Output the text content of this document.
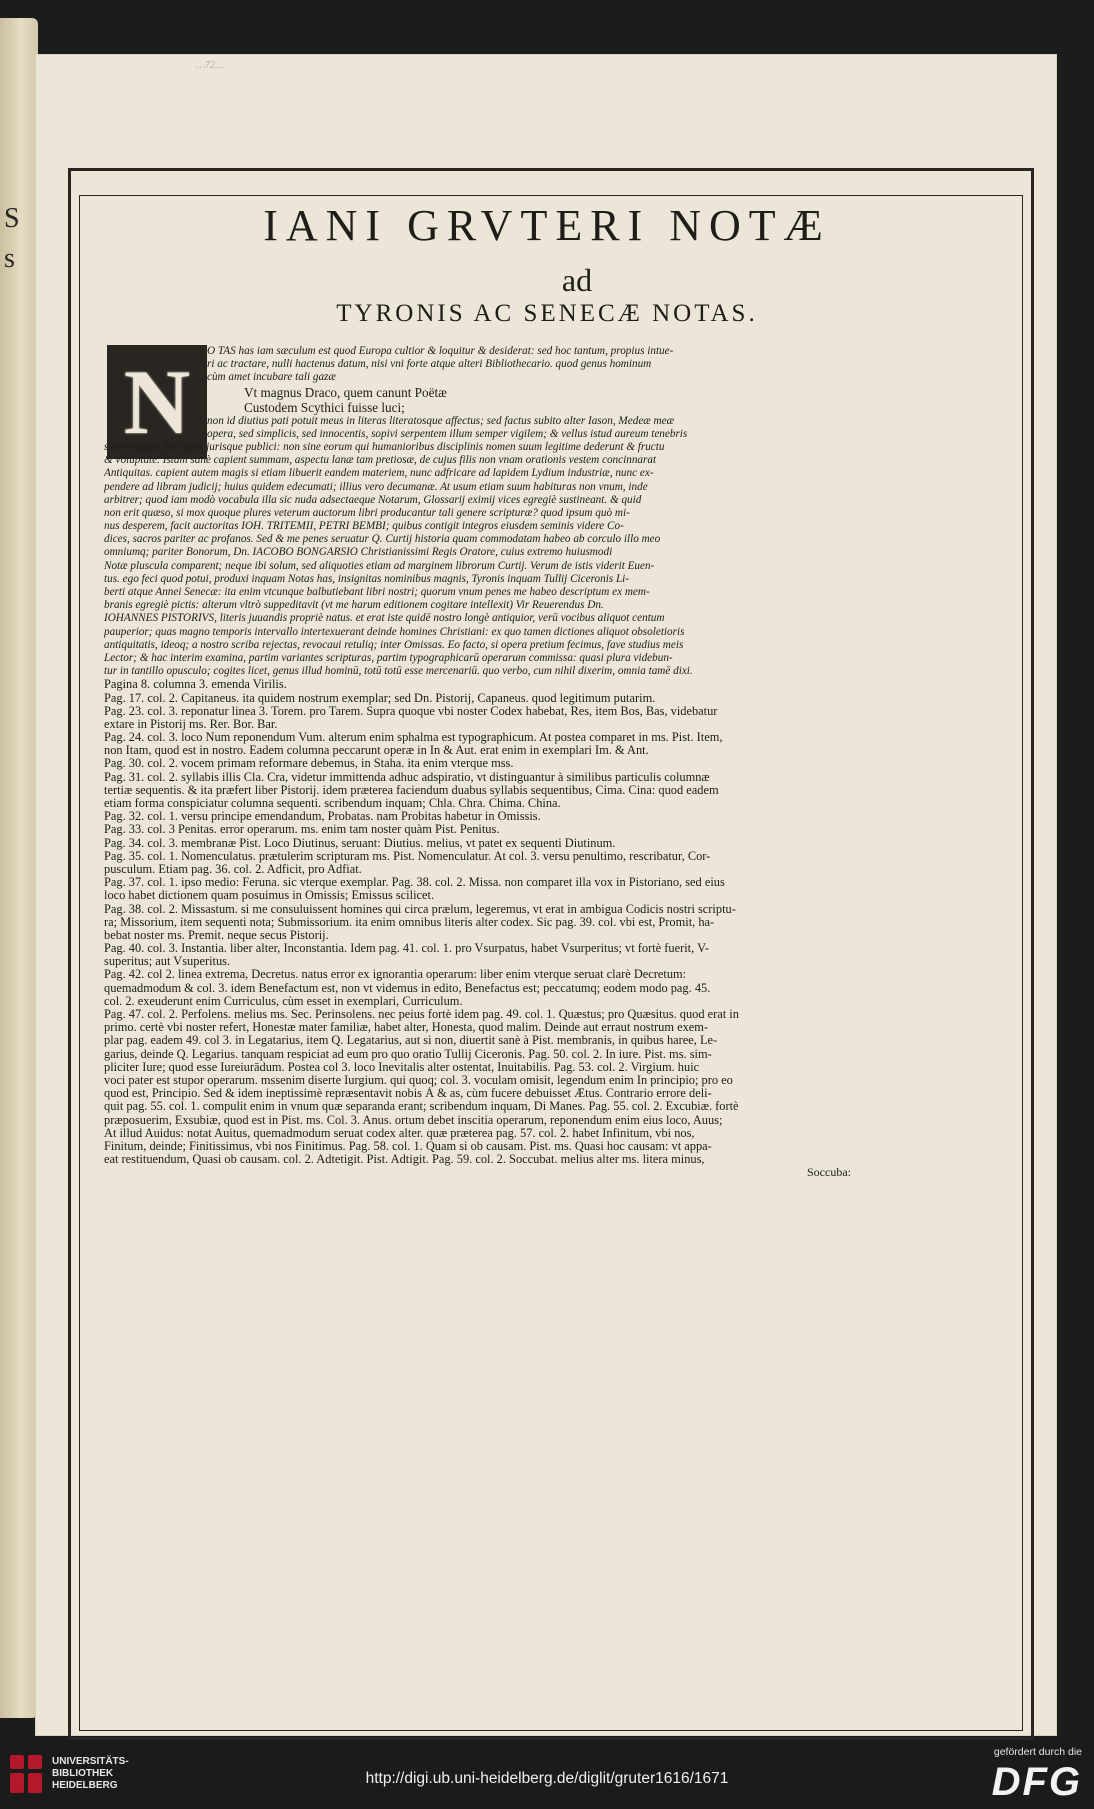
S
s
…72…
IANI GRVTERI NOTÆ
ad
TYRONIS AC SENECÆ NOTAS.
N	O TAS has iam sæculum est quod Europa cultior & loquitur & desiderat: sed hoc tantum, propius intue-
ri ac tractare, nulli hactenus datum, nisi vni forte atque alteri Bibliothecario. quod genus hominum
cùm amet incubare tali gazæ
Vt magnus Draco, quem canunt Poëtæ
Custodem Scythici fuisse luci;
non id diutius pati potuit meus in literas literatosque affectus; sed factus subito alter Iason, Medeæ meæ
opera, sed simplicis, sed innocentis, sopivi serpentem illum semper vigilem; & vellus istud aureum tenebris
suis ereptum feci lucis jurisque publici: non sine eorum qui humanioribus disciplinis nomen suum legitime dederunt & fructu
& voluptate. Istam sanè capient summam, aspectu lanæ tam pretiosæ, de cujus filis non vnam orationis vestem concinnarat
Antiquitas. capient autem magis si etiam libuerit eandem materiem, nunc adfricare ad lapidem Lydium industriæ, nunc ex-
pendere ad libram judicij; huius quidem edecumati; illius vero decumanæ. At usum etiam suum habituras non vnum, inde
arbitrer; quod iam modò vocabula illa sic nuda adsectaeque Notarum, Glossarij eximij vices egregiè sustineant. & quid
non erit quæso, si mox quoque plures veterum auctorum libri producantur tali genere scripturæ? quod ipsum quò mi-
nus desperem, facit auctoritas IOH. TRITEMII, PETRI BEMBI; quibus contigit integros eiusdem seminis videre Co-
dices, sacros pariter ac profanos. Sed & me penes seruatur Q. Curtij historia quam commodatam habeo ab corculo illo meo
omniumq; pariter Bonorum, Dn. IACOBO BONGARSIO Christianissimi Regis Oratore, cuius extremo huiusmodi
Notæ pluscula comparent; neque ibi solum, sed aliquoties etiam ad marginem librorum Curtij. Verum de istis viderit Euen-
tus. ego feci quod potui, produxi inquam Notas has, insignitas nominibus magnis, Tyronis inquam Tullij Ciceronis Li-
berti atque Annei Senecæ: ita enim vtcunque balbutiebant libri nostri; quorum vnum penes me habeo descriptum ex mem-
branis egregiè pictis: alterum vltrò suppeditavit (vt me harum editionem cogitare intellexit) Vir Reuerendus Dn.
IOHANNES PISTORIVS, literis juuandis propriè natus. et erat iste quidē nostro longè antiquior, verū vocibus aliquot centum
pauperior; quas magno temporis intervallo intertexuerant deinde homines Christiani: ex quo tamen dictiones aliquot obsoletioris
antiquitatis, ideoq; a nostro scriba rejectas, revocaui retuliq; inter Omissas. Eo facto, si opera pretium fecimus, fave studius meis
Lector; & hac interim examina, partim variantes scripturas, partim typographicarū operarum commissa: quasi plura videbun-
tur in tantillo opusculo; cogites licet, genus illud hominū, totū totū esse mercenariū. quo verbo, cum nihil dixerim, omnia tamē dixi.
Pagina 8. columna 3. emenda Virilis.
Pag. 17. col. 2. Capitaneus. ita quidem nostrum exemplar; sed Dn. Pistorij, Capaneus. quod legitimum putarim.
Pag. 23. col. 3. reponatur linea 3. Torem. pro Tarem. Supra quoque vbi noster Codex habebat, Res, item Bos, Bas, videbatur
extare in Pistorij ms. Rer. Bor. Bar.
Pag. 24. col. 3. loco Num reponendum Vum. alterum enim sphalma est typographicum. At postea comparet in ms. Pist. Item,
non Itam, quod est in nostro. Eadem columna peccarunt operæ in In & Aut. erat enim in exemplari Im. & Ant.
Pag. 30. col. 2. vocem primam reformare debemus, in Staha. ita enim vterque mss.
Pag. 31. col. 2. syllabis illis Cla. Cra, videtur immittenda adhuc adspiratio, vt distinguantur à similibus particulis columnæ
tertiæ sequentis. & ita præfert liber Pistorij. idem præterea faciendum duabus syllabis sequentibus, Cima. Cina: quod eadem
etiam forma conspiciatur columna sequenti. scribendum inquam; Chla. Chra. Chima. China.
Pag. 32. col. 1. versu principe emendandum, Probatas. nam Probitas habetur in Omissis.
Pag. 33. col. 3 Penitas. error operarum. ms. enim tam noster quàm Pist. Penitus.
Pag. 34. col. 3. membranæ Pist. Loco Diutinus, seruant: Diutius. melius, vt patet ex sequenti Diutinum.
Pag. 35. col. 1. Nomenculatus. prætulerim scripturam ms. Pist. Nomenculatur. At col. 3. versu penultimo, rescribatur, Cor-
pusculum. Etiam pag. 36. col. 2. Adficit, pro Adfiat.
Pag. 37. col. 1. ipso medio: Feruna. sic vterque exemplar. Pag. 38. col. 2. Missa. non comparet illa vox in Pistoriano, sed eius
loco habet dictionem quam posuimus in Omissis; Emissus scilicet.
Pag. 38. col. 2. Missastum. si me consuluissent homines qui circa prælum, legeremus, vt erat in ambigua Codicis nostri scriptu-
ra; Missorium, item sequenti nota; Submissorium. ita enim omnibus literis alter codex. Sic pag. 39. col. vbi est, Promit, ha-
bebat noster ms. Premit. neque secus Pistorij.
Pag. 40. col. 3. Instantia. liber alter, Inconstantia. Idem pag. 41. col. 1. pro Vsurpatus, habet Vsurperitus; vt fortè fuerit, V-
superitus; aut Vsuperitus.
Pag. 42. col 2. linea extrema, Decretus. natus error ex ignorantia operarum: liber enim vterque seruat clarè Decretum:
quemadmodum & col. 3. idem Benefactum est, non vt videmus in edito, Benefactus est; peccatumq; eodem modo pag. 45.
col. 2. exeuderunt enim Curriculus, cùm esset in exemplari, Curriculum.
Pag. 47. col. 2. Perfolens. melius ms. Sec. Perinsolens. nec peius fortè idem pag. 49. col. 1. Quæstus; pro Quæsitus. quod erat in
primo. certè vbi noster refert, Honestæ mater familiæ, habet alter, Honesta, quod malim. Deinde aut erraut nostrum exem-
plar pag. eadem 49. col 3. in Legatarius, item Q. Legatarius, aut si non, diuertit sanè à Pist. membranis, in quibus haree, Le-
garius, deinde Q. Legarius. tanquam respiciat ad eum pro quo oratio Tullij Ciceronis. Pag. 50. col. 2. In iure. Pist. ms. sim-
pliciter Iure; quod esse Iureiurādum. Postea col 3. loco Inevitalis alter ostentat, Inuitabilis. Pag. 53. col. 2. Virgium. huic
voci pater est stupor operarum. mssenim diserte Iurgium. qui quoq; col. 3. voculam omisit, legendum enim In principio; pro eo
quod est, Principio. Sed & idem ineptissimè repræsentavit nobis À & as, cùm fucere debuisset Ætus. Contrario errore deli-
quit pag. 55. col. 1. compulit enim in vnum quæ separanda erant; scribendum inquam, Di Manes. Pag. 55. col. 2. Excubiæ. fortè
præposuerim, Exsubiæ, quod est in Pist. ms. Col. 3. Anus. ortum debet inscitia operarum, reponendum enim eius loco, Auus;
At illud Auidus: notat Auitus, quemadmodum seruat codex alter. quæ præterea pag. 57. col. 2. habet Infinitum, vbi nos,
Finitum, deinde; Finitissimus, vbi nos Finitimus. Pag. 58. col. 1. Quam si ob causam. Pist. ms. Quasi hoc causam: vt appa-
eat restituendum, Quasi ob causam. col. 2. Adtetigit. Pist. Adtigit. Pag. 59. col. 2. Soccubat. melius alter ms. litera minus,
Soccuba:
UNIVERSITÄTS-
BIBLIOTHEK
HEIDELBERG	http://digi.ub.uni-heidelberg.de/diglit/gruter1616/1671
gefördert durch die
DFG
